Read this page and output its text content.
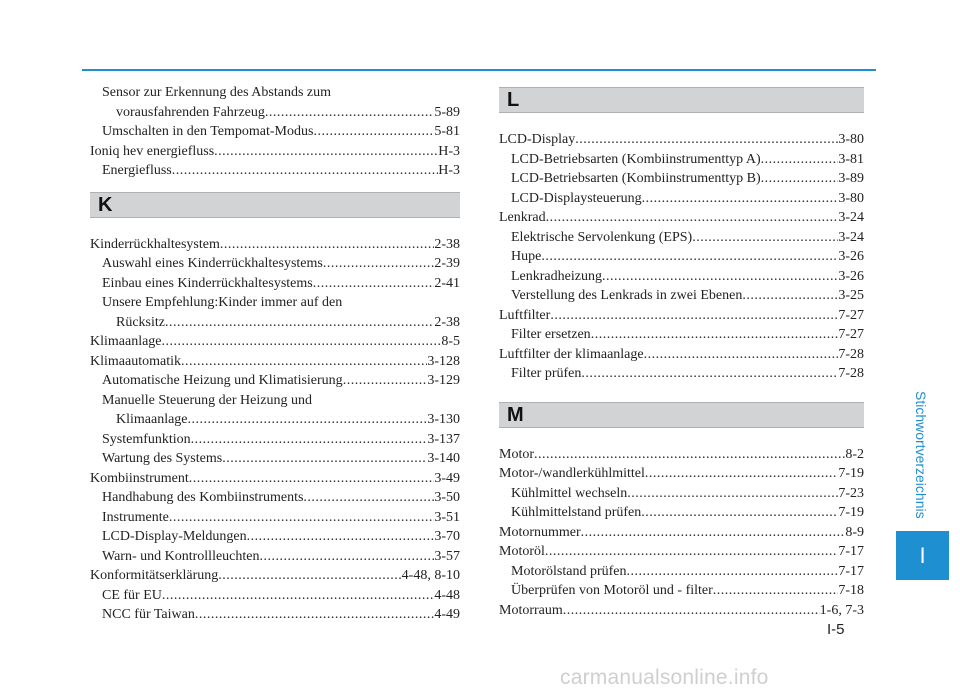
Sensor zur Erkennung des Abstands zum
vorausfahrenden Fahrzeug .....	5-89
Umschalten in den Tempomat-Modus .....	5-81
Ioniq hev energiefluss .....	H-3
Energiefluss .....	H-3
K
Kinderrückhaltesystem .....	2-38
Auswahl eines Kinderrückhaltesystems .....	2-39
Einbau eines Kinderrückhaltesystems .....	2-41
Unsere Empfehlung:Kinder immer auf den
Rücksitz .....	2-38
Klimaanlage .....	8-5
Klimaautomatik .....	3-128
Automatische Heizung und Klimatisierung .....	3-129
Manuelle Steuerung der Heizung und
Klimaanlage .....	3-130
Systemfunktion .....	3-137
Wartung des Systems .....	3-140
Kombiinstrument .....	3-49
Handhabung des Kombiinstruments .....	3-50
Instrumente .....	3-51
LCD-Display-Meldungen .....	3-70
Warn- und Kontrollleuchten .....	3-57
Konformitätserklärung .....	4-48, 8-10
CE für EU .....	4-48
NCC für Taiwan .....	4-49
L
LCD-Display .....	3-80
LCD-Betriebsarten (Kombiinstrumenttyp A) .....	3-81
LCD-Betriebsarten (Kombiinstrumenttyp B) .....	3-89
LCD-Displaysteuerung .....	3-80
Lenkrad .....	3-24
Elektrische Servolenkung (EPS) .....	3-24
Hupe .....	3-26
Lenkradheizung .....	3-26
Verstellung des Lenkrads in zwei Ebenen .....	3-25
Luftfilter .....	7-27
Filter ersetzen .....	7-27
Luftfilter der klimaanlage .....	7-28
Filter prüfen .....	7-28
M
Motor .....	8-2
Motor-/wandlerkühlmittel .....	7-19
Kühlmittel wechseln .....	7-23
Kühlmittelstand prüfen .....	7-19
Motornummer .....	8-9
Motoröl .....	7-17
Motorölstand prüfen .....	7-17
Überprüfen von Motoröl und - filter .....	7-18
Motorraum .....	1-6, 7-3
Stichwortverzeichnis
I
I-5
carmanualsonline.info
